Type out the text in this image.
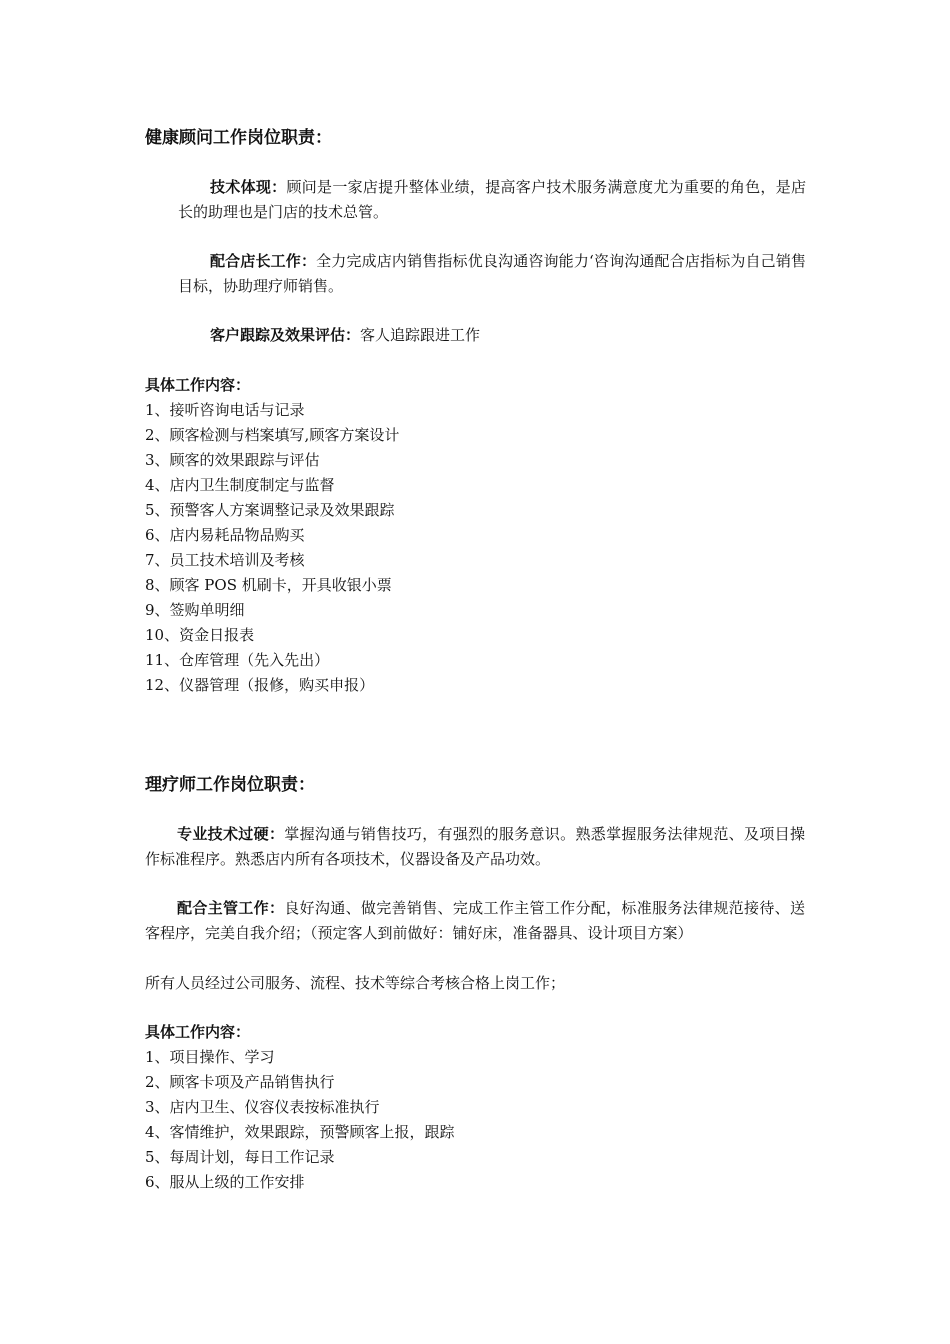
健康顾问工作岗位职责：
技术体现：顾问是一家店提升整体业绩，提高客户技术服务满意度尤为重要的角色，是店长的助理也是门店的技术总管。
配合店长工作：全力完成店内销售指标优良沟通咨询能力‘咨询沟通配合店指标为自己销售目标，协助理疗师销售。
客户跟踪及效果评估：客人追踪跟进工作
具体工作内容：
1、接听咨询电话与记录
2、顾客检测与档案填写,顾客方案设计
3、顾客的效果跟踪与评估
4、店内卫生制度制定与监督
5、预警客人方案调整记录及效果跟踪
6、店内易耗品物品购买
7、员工技术培训及考核
8、顾客 POS 机刷卡，开具收银小票
9、签购单明细
10、资金日报表
11、仓库管理（先入先出）
12、仪器管理（报修，购买申报）
理疗师工作岗位职责：
专业技术过硬：掌握沟通与销售技巧，有强烈的服务意识。熟悉掌握服务法律规范、及项目操作标准程序。熟悉店内所有各项技术，仪器设备及产品功效。
配合主管工作：良好沟通、做完善销售、完成工作主管工作分配，标准服务法律规范接待、送客程序，完美自我介绍；（预定客人到前做好：铺好床，准备器具、设计项目方案）
所有人员经过公司服务、流程、技术等综合考核合格上岗工作；
具体工作内容：
1、项目操作、学习
2、顾客卡项及产品销售执行
3、店内卫生、仪容仪表按标准执行
4、客情维护，效果跟踪，预警顾客上报，跟踪
5、每周计划，每日工作记录
6、服从上级的工作安排
